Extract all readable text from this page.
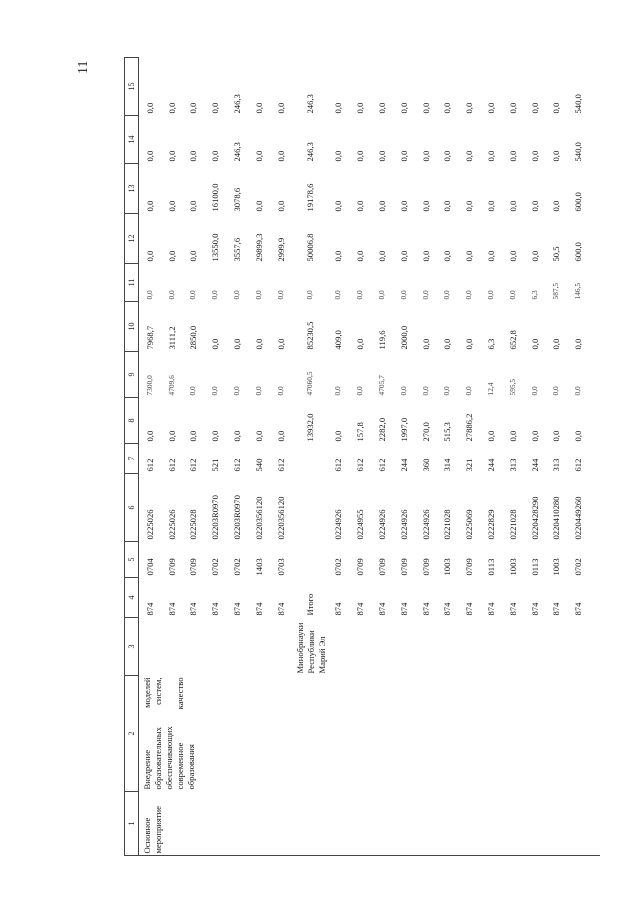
11
1	2	3	4	5	6	7	8	9	10	11	12	13	14	15
Основное мероприятие	Внедрение моделей образовательных систем, обеспечивающих современное качество образования		874	0704	0225026	612	0,0	7300,0	7968,7	0,0	0,0	0,0	0,0	0,0
			874	0709	0225026	612	0,0	4709,6	3111,2	0,0	0,0	0,0	0,0	0,0
			874	0709	0225028	612	0,0	0,0	2850,0	0,0	0,0	0,0	0,0	0,0
			874	0702	02203R0970	521	0,0	0,0	0,0	0,0	13550,0	16100,0	0,0	0,0
			874	0702	02203R0970	612	0,0	0,0	0,0	0,0	3557,6	3078,6	246,3	246,3
			874	1403	0220356120	540	0,0	0,0	0,0	0,0	29899,3	0,0	0,0	0,0
			874	0703	0220356120	612	0,0	0,0	0,0	0,0	2999,9	0,0	0,0	0,0
		Минобрнауки Республики Марий Эл	Итого				13932,0	47060,5	85230,5	0,0	50006,8	19178,6	246,3	246,3
			874	0702	0224926	612	0,0	0,0	409,0	0,0	0,0	0,0	0,0	0,0
			874	0709	0224955	612	157,8	0,0	0,0	0,0	0,0	0,0	0,0	0,0
			874	0709	0224926	612	2282,0	4705,7	119,6	0,0	0,0	0,0	0,0	0,0
			874	0709	0224926	244	1997,0	0,0	2000,0	0,0	0,0	0,0	0,0	0,0
			874	0709	0224926	360	270,0	0,0	0,0	0,0	0,0	0,0	0,0	0,0
			874	1003	0221028	314	515,3	0,0	0,0	0,0	0,0	0,0	0,0	0,0
			874	0709	0225069	321	27886,2	0,0	0,0	0,0	0,0	0,0	0,0	0,0
			874	0113	0222829	244	0,0	12,4	6,3	0,0	0,0	0,0	0,0	0,0
			874	1003	0221028	313	0,0	595,5	652,8	0,0	0,0	0,0	0,0	0,0
			874	0113	0220428290	244	0,0	0,0	0,0	6,3	0,0	0,0	0,0	0,0
			874	1003	0220410280	313	0,0	0,0	0,0	587,5	50,5	0,0	0,0	0,0
			874	0702	0220449260	612	0,0	0,0	0,0	146,5	600,0	600,0	540,0	540,0
